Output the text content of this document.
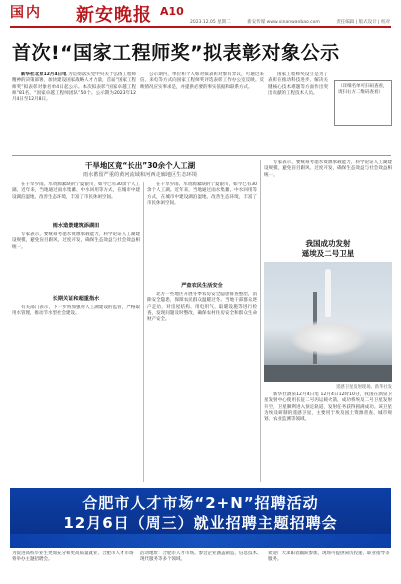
国内 新安晚报 A10
2023.12.05 星期二	新安传媒 www.xinanwanbao.com	责任编辑 | 版式设计 | 校对
首次!“国家工程师奖”拟表彰对象公示

新华社北京12月4日电 为贯彻落实党中央关于弘扬工程师精神的决策部署，加快建设国家战略人才力量，首届“国家工程师奖”拟表彰对象名单4日起公示。本次拟表彰“国家卓越工程师”81名、“国家卓越工程师团队”50个。公示期为2023年12月4日至12月8日。

公示期内，单位和个人如对拟表彰对象有异议，可通过来信、来电等方式向国家工程师奖评选表彰工作办公室反映。反映情况应实事求是，并提供必要的事实依据和联系方式。

国家工程师奖设立是为了表彰在推动科技进步、解决关键核心技术难题等方面作出突出贡献的工程技术人员。

（详细名单可扫码查看，请扫右方二维码查看）
干旱地区竟“长出”30余个人工湖
雨水蓄留严重的黄河流域和河西走廊地区生态环境

在干旱少雨、水资源紧缺的宁夏银川，如今已有30余个人工湖。近年来，当地通过雨水集蓄、中水回用等方式，在城市中建设湖泊湿地，改善生态环境，丰富了市民休闲空间。

雨水造景建筑添湖田

专家表示，要统筹考虑水资源承载能力，科学论证人工湖建设规模，避免盲目跟风、过度开发，确保生态效益与社会效益相统一。

长期关证和超重指水

有关部门表示，下一步将加强对人工湖建设的监管，严格取用水管理，推动节水型社会建设。

在干旱少雨、水资源紧缺的宁夏银川，如今已有30余个人工湖。近年来，当地通过雨水集蓄、中水回用等方式，在城市中建设湖泊湿地，改善生态环境，丰富了市民休闲空间。

严查农民生活安全

北方一些地区开展冬季农房安全隐患排查整治，消除安全隐患，保障农民群众温暖过冬。当地干部群众逐户走访，对房屋结构、用电用气、取暖设施等进行检查，发现问题及时整改，确保农村住房安全和群众生命财产安全。

我国成功发射
遥埃及二号卫星
遥感卫星发射现场。新华社发

新华社酒泉12月4日电 12月4日12时10分，我国在酒泉卫星发射中心使用长征二号丙运载火箭，成功将埃及二号卫星发射升空，卫星顺利进入预定轨道，发射任务获得圆满成功。该卫星为埃及研制的遥感卫星，主要用于埃及国土资源普查、城市规划、农业监测等领域。

专家表示，要统筹考虑水资源承载能力，科学论证人工湖建设规模，避免盲目跟风、过度开发，确保生态效益与社会效益相统一。

合肥市人才市场“2+N”招聘活动
12月6日（周三）就业招聘主题招聘会
为促进高校毕业生更加充分和更高质量就业，合肥市人才市场将举办主题招聘会。
活动地址：合肥市人才市场。参会企业涵盖制造、信息技术、现代服务等多个领域。
欢迎广大求职者踊跃参加，现场可提供简历投递、职业指导等服务。
